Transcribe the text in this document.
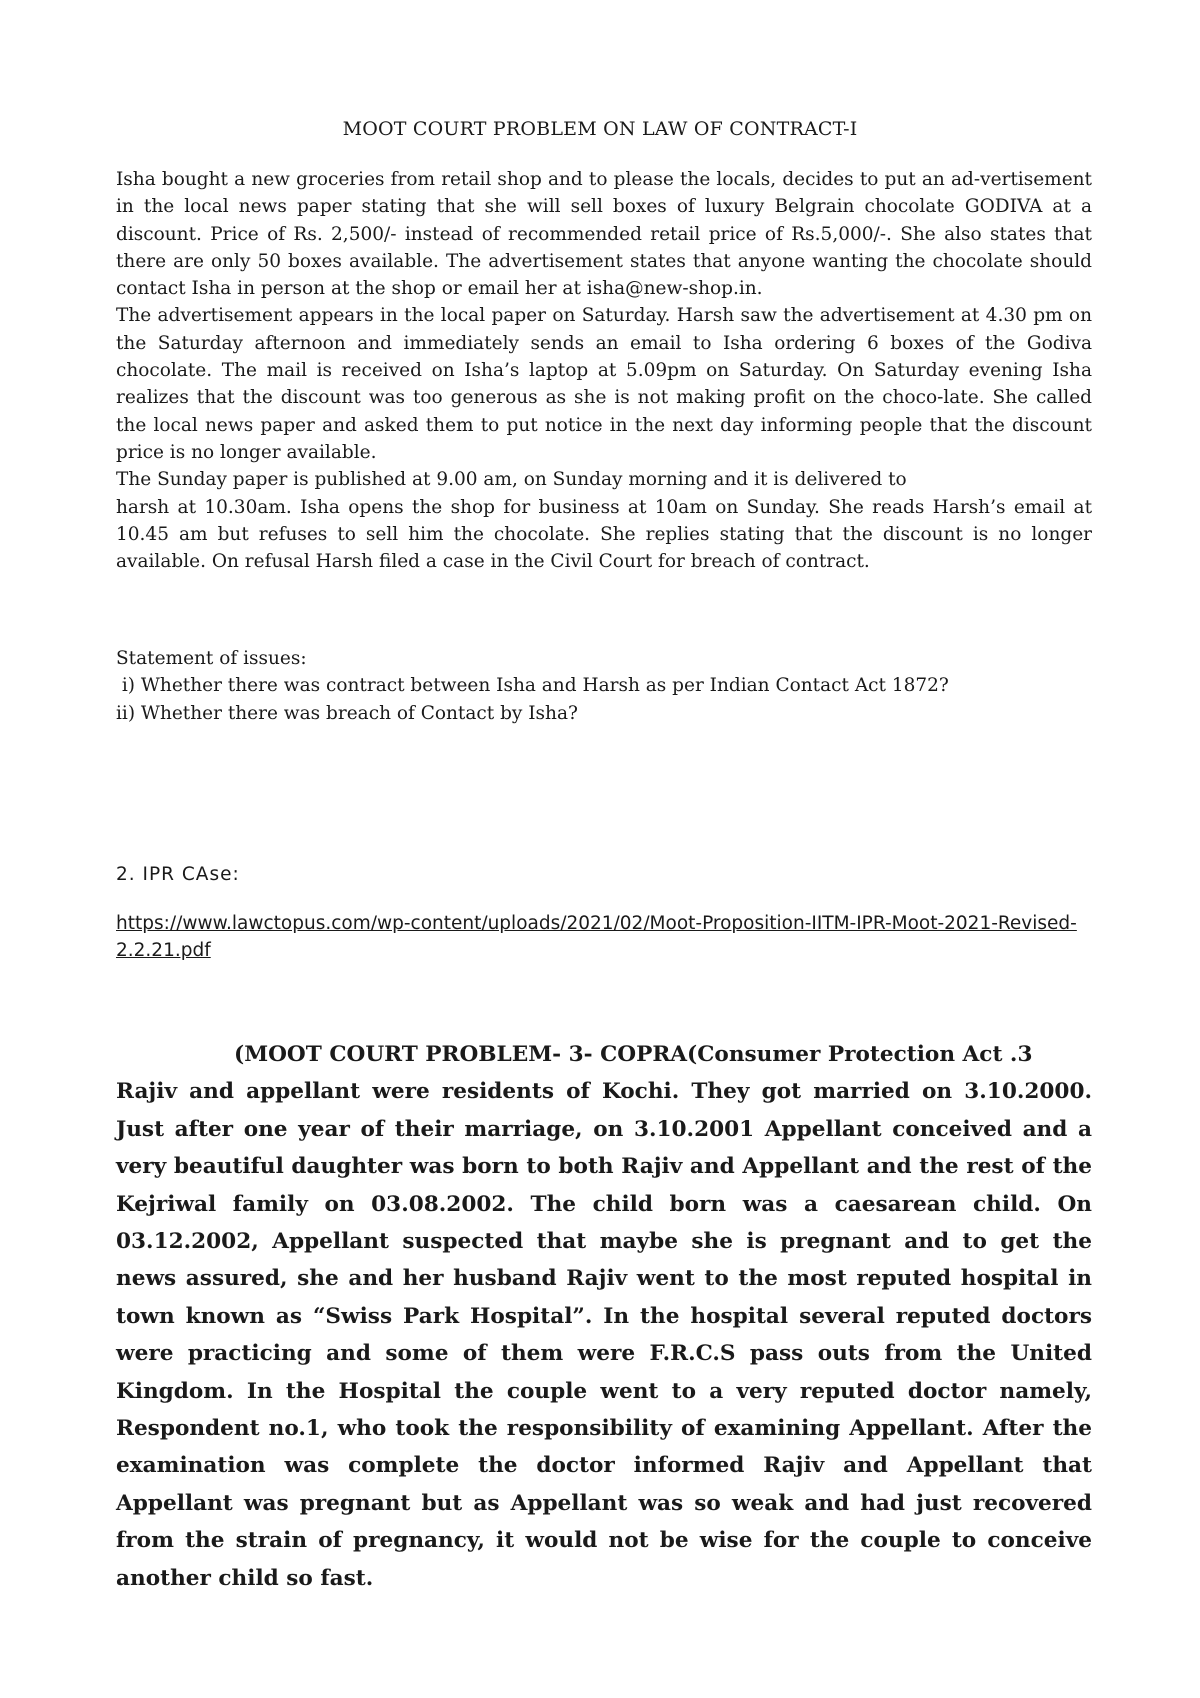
MOOT COURT PROBLEM ON LAW OF CONTRACT-I

Isha bought a new groceries from retail shop and to please the locals, decides to put an ad-vertisement in the local news paper stating that she will sell boxes of luxury Belgrain chocolate GODIVA at a discount. Price of Rs. 2,500/- instead of recommended retail price of Rs.5,000/-. She also states that there are only 50 boxes available. The advertisement states that anyone wanting the chocolate should contact Isha in person at the shop or email her at isha@new-shop.in.

The advertisement appears in the local paper on Saturday. Harsh saw the advertisement at 4.30 pm on the Saturday afternoon and immediately sends an email to Isha ordering 6 boxes of the Godiva chocolate. The mail is received on Isha’s laptop at 5.09pm on Saturday. On Saturday evening Isha realizes that the discount was too generous as she is not making profit on the choco-late. She called the local news paper and asked them to put notice in the next day informing people that the discount price is no longer available.

The Sunday paper is published at 9.00 am, on Sunday morning and it is delivered to

harsh at 10.30am. Isha opens the shop for business at 10am on Sunday. She reads Harsh’s email at 10.45 am but refuses to sell him the chocolate. She replies stating that the discount is no longer available. On refusal Harsh filed a case in the Civil Court for breach of contract.

Statement of issues:

i) Whether there was contract between Isha and Harsh as per Indian Contact Act 1872?

ii) Whether there was breach of Contact by Isha?

2. IPR CAse:
https://www.lawctopus.com/wp-content/uploads/2021/02/Moot-Proposition-IITM-IPR-Moot-2021-Revised-2.2.21.pdf
(MOOT COURT PROBLEM- 3- COPRA(Consumer Protection Act .3

Rajiv and appellant were residents of Kochi. They got married on 3.10.2000. Just after one year of their marriage, on 3.10.2001 Appellant conceived and a very beautiful daughter was born to both Rajiv and Appellant and the rest of the Kejriwal family on 03.08.2002. The child born was a caesarean child. On 03.12.2002, Appellant suspected that maybe she is pregnant and to get the news assured, she and her husband Rajiv went to the most reputed hospital in town known as “Swiss Park Hospital”. In the hospital several reputed doctors were practicing and some of them were F.R.C.S pass outs from the United Kingdom. In the Hospital the couple went to a very reputed doctor namely, Respondent no.1, who took the responsibility of examining Appellant. After the examination was complete the doctor informed Rajiv and Appellant that Appellant was pregnant but as Appellant was so weak and had just recovered from the strain of pregnancy, it would not be wise for the couple to conceive another child so fast.
